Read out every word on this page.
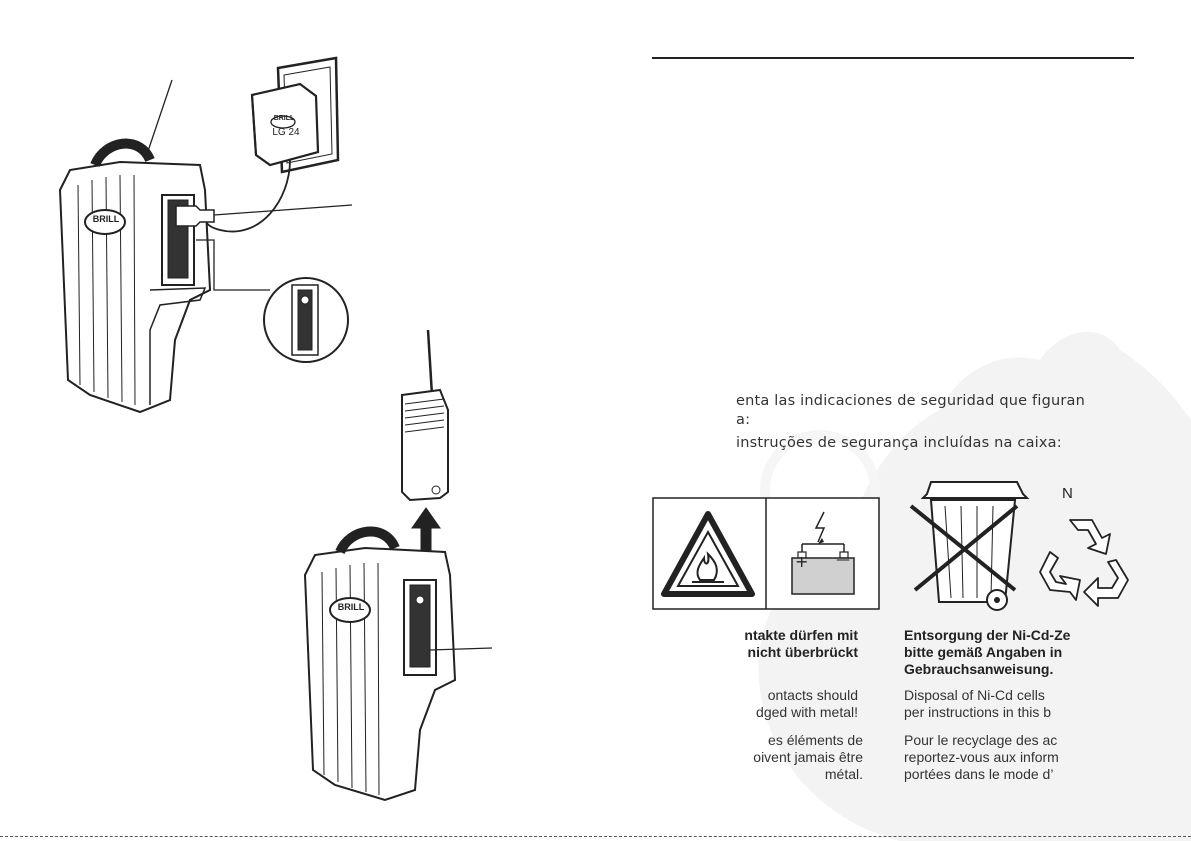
BRILL
BRILL
BRILL
LG 24
enta las indicaciones de seguridad que figuran
a:
instruções de segurança incluídas na caixa:
+ —
N
ntakte dürfen mit
nicht überbrückt
ontacts should
dged with metal!
es éléments de
oivent jamais être
métal.
Entsorgung der Ni-Cd-Ze
bitte gemäß Angaben in
Gebrauchsanweisung.
Disposal of Ni-Cd cells
per instructions in this b
Pour le recyclage des ac
reportez-vous aux inform
portées dans le mode d’
